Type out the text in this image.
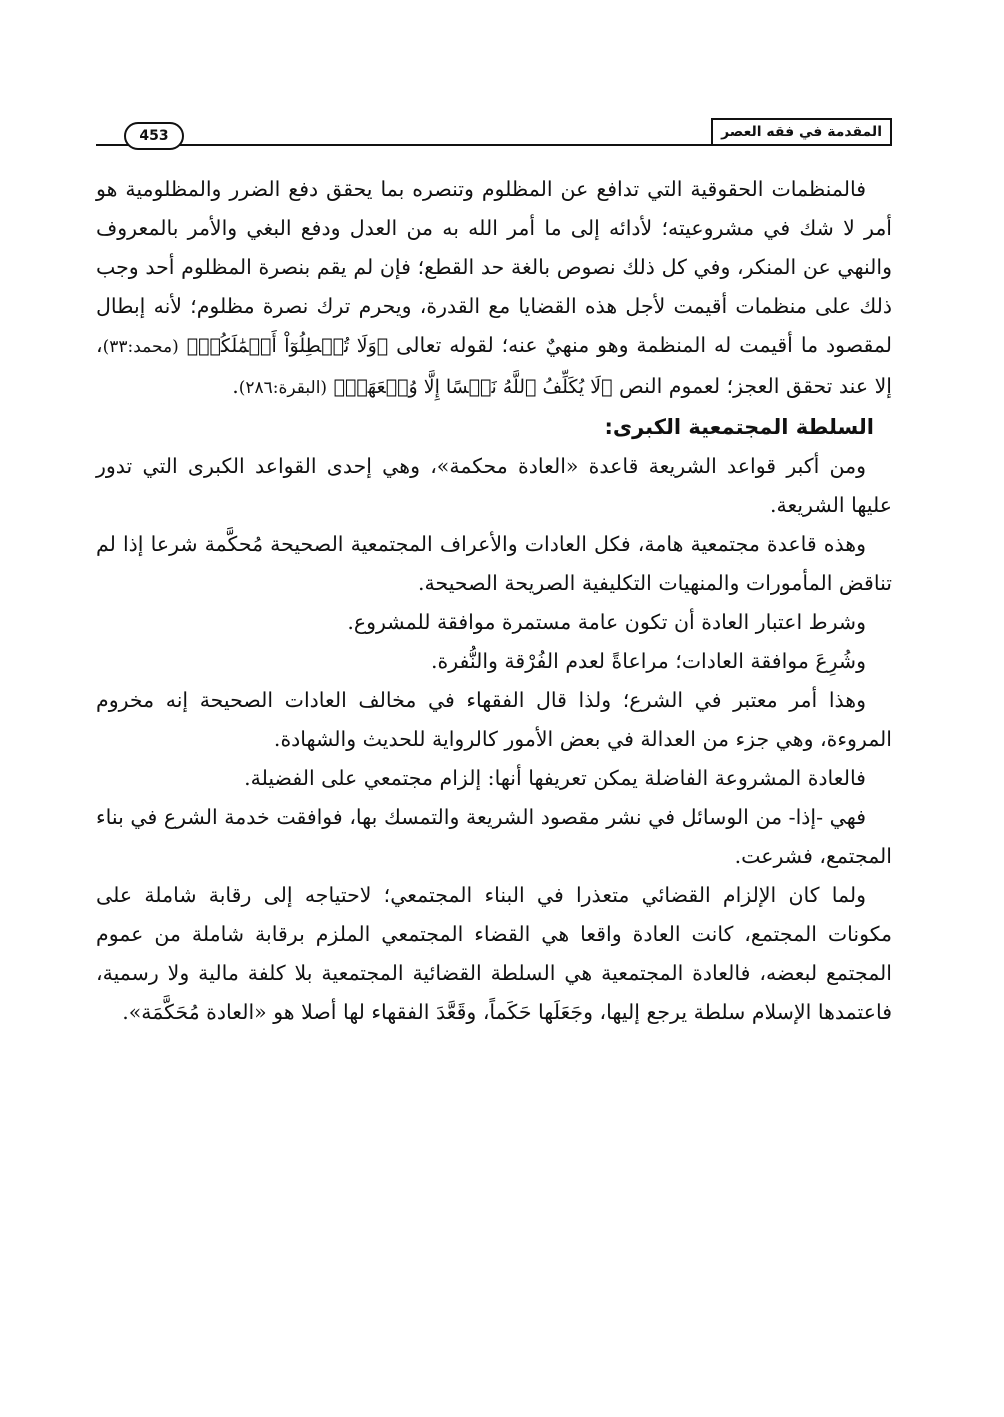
المقدمة في فقه العصر
453

فالمنظمات الحقوقية التي تدافع عن المظلوم وتنصره بما يحقق دفع الضرر والمظلومية هو أمر لا شك في مشروعيته؛ لأدائه إلى ما أمر الله به من العدل ودفع البغي والأمر بالمعروف والنهي عن المنكر، وفي كل ذلك نصوص بالغة حد القطع؛ فإن لم يقم بنصرة المظلوم أحد وجب ذلك على منظمات أقيمت لأجل هذه القضايا مع القدرة، ويحرم ترك نصرة مظلوم؛ لأنه إبطال لمقصود ما أقيمت له المنظمة وهو منهيٌ عنه؛ لقوله تعالى ﴿وَلَا تُبۡطِلُوٓاْ أَعۡمَٰلَكُمۡ﴾ (محمد:٣٣)، إلا عند تحقق العجز؛ لعموم النص ﴿لَا يُكَلِّفُ ٱللَّهُ نَفۡسًا إِلَّا وُسۡعَهَاۚ﴾ (البقرة:٢٨٦).

السلطة المجتمعية الكبرى:

ومن أكبر قواعد الشريعة قاعدة «العادة محكمة»، وهي إحدى القواعد الكبرى التي تدور عليها الشريعة.

وهذه قاعدة مجتمعية هامة، فكل العادات والأعراف المجتمعية الصحيحة مُحكَّمة شرعا إذا لم تناقض المأمورات والمنهيات التكليفية الصريحة الصحيحة.

وشرط اعتبار العادة أن تكون عامة مستمرة موافقة للمشروع.

وشُرِعَ موافقة العادات؛ مراعاةً لعدم الفُرْقة والنُّفرة.

وهذا أمر معتبر في الشرع؛ ولذا قال الفقهاء في مخالف العادات الصحيحة إنه مخروم المروءة، وهي جزء من العدالة في بعض الأمور كالرواية للحديث والشهادة.

فالعادة المشروعة الفاضلة يمكن تعريفها أنها: إلزام مجتمعي على الفضيلة.

فهي -إذا- من الوسائل في نشر مقصود الشريعة والتمسك بها، فوافقت خدمة الشرع في بناء المجتمع، فشرعت.

ولما كان الإلزام القضائي متعذرا في البناء المجتمعي؛ لاحتياجه إلى رقابة شاملة على مكونات المجتمع، كانت العادة واقعا هي القضاء المجتمعي الملزم برقابة شاملة من عموم المجتمع لبعضه، فالعادة المجتمعية هي السلطة القضائية المجتمعية بلا كلفة مالية ولا رسمية، فاعتمدها الإسلام سلطة يرجع إليها، وجَعَلَها حَكَماً، وقَعَّدَ الفقهاء لها أصلا هو «العادة مُحَكَّمَة».
